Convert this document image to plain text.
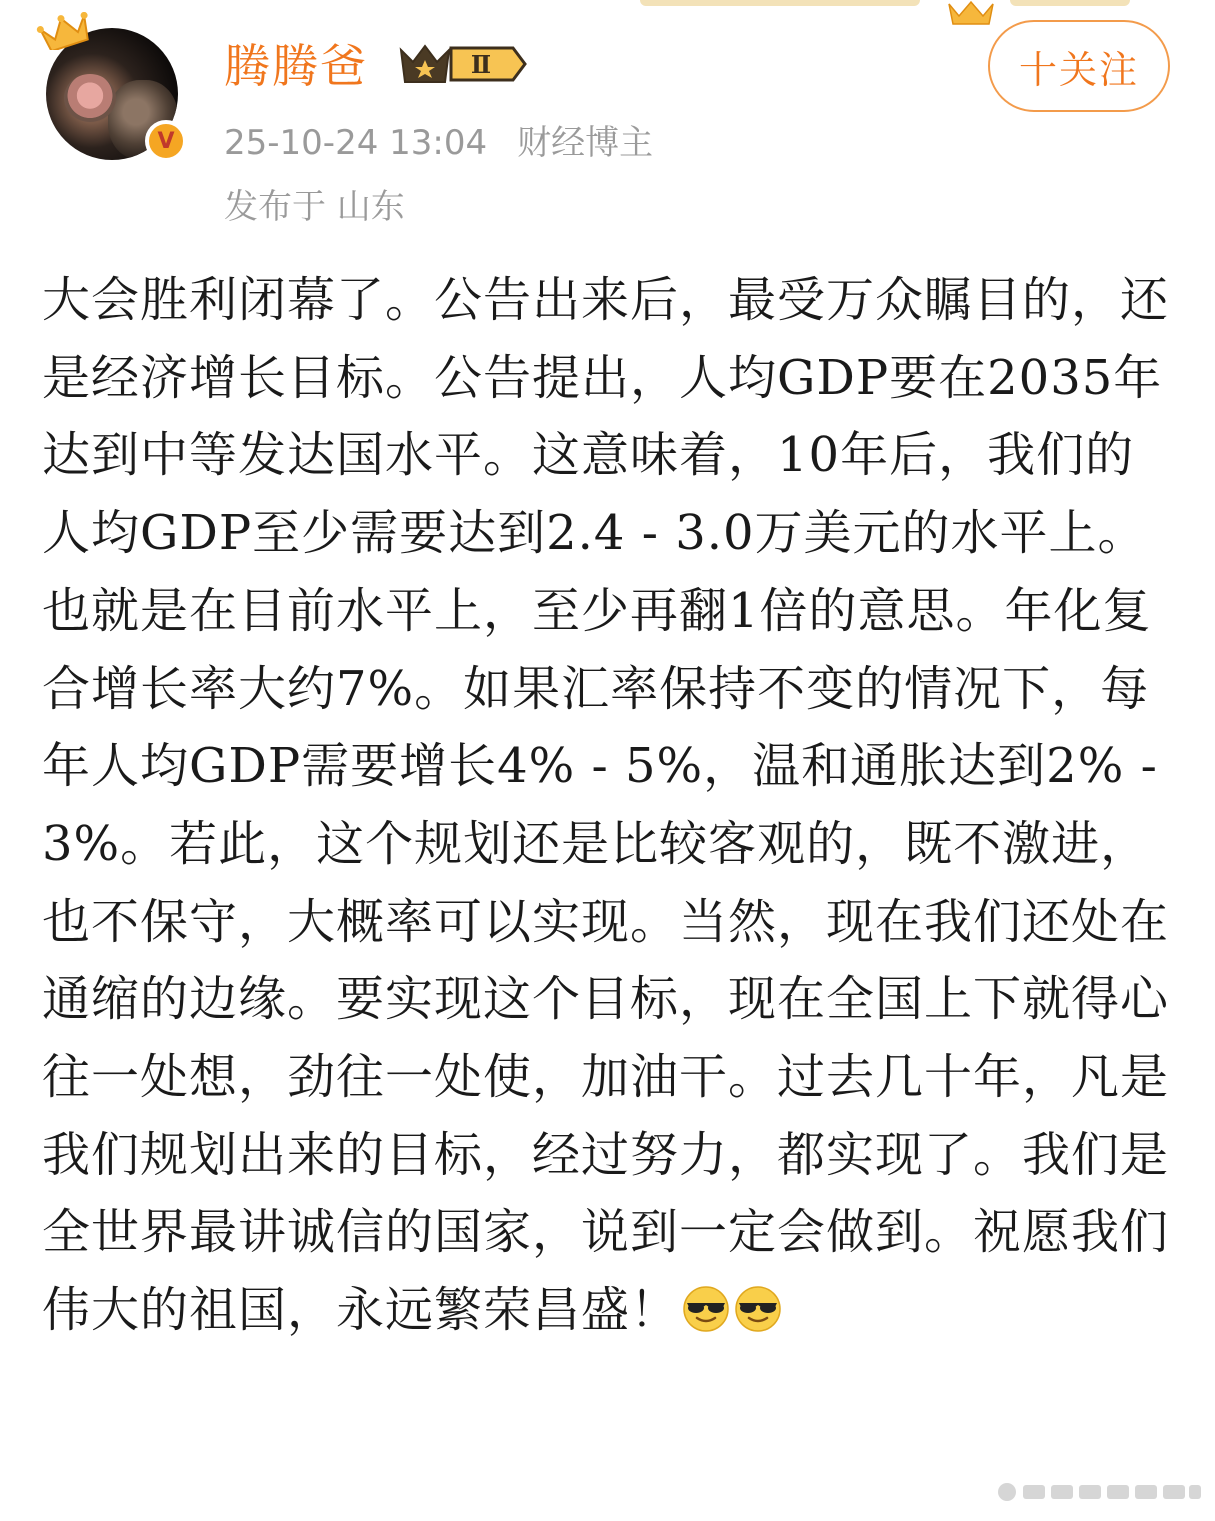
V
腾腾爸	Ⅱ
25-10-24 13:04 财经博主
发布于 山东
十关注

大会胜利闭幕了。公告出来后，最受万众瞩目的，还是经济增长目标。公告提出，人均GDP要在2035年达到中等发达国水平。这意味着，10年后，我们的人均GDP至少需要达到2.4 - 3.0万美元的水平上。

也就是在目前水平上，至少再翻1倍的意思。年化复合增长率大约7%。如果汇率保持不变的情况下，每年人均GDP需要增长4% - 5%，温和通胀达到2% - 3%。若此，这个规划还是比较客观的，既不激进，也不保守，大概率可以实现。当然，现在我们还处在通缩的边缘。要实现这个目标，现在全国上下就得心往一处想，劲往一处使，加油干。过去几十年，凡是我们规划出来的目标，经过努力，都实现了。我们是全世界最讲诚信的国家，说到一定会做到。祝愿我们伟大的祖国，永远繁荣昌盛！
